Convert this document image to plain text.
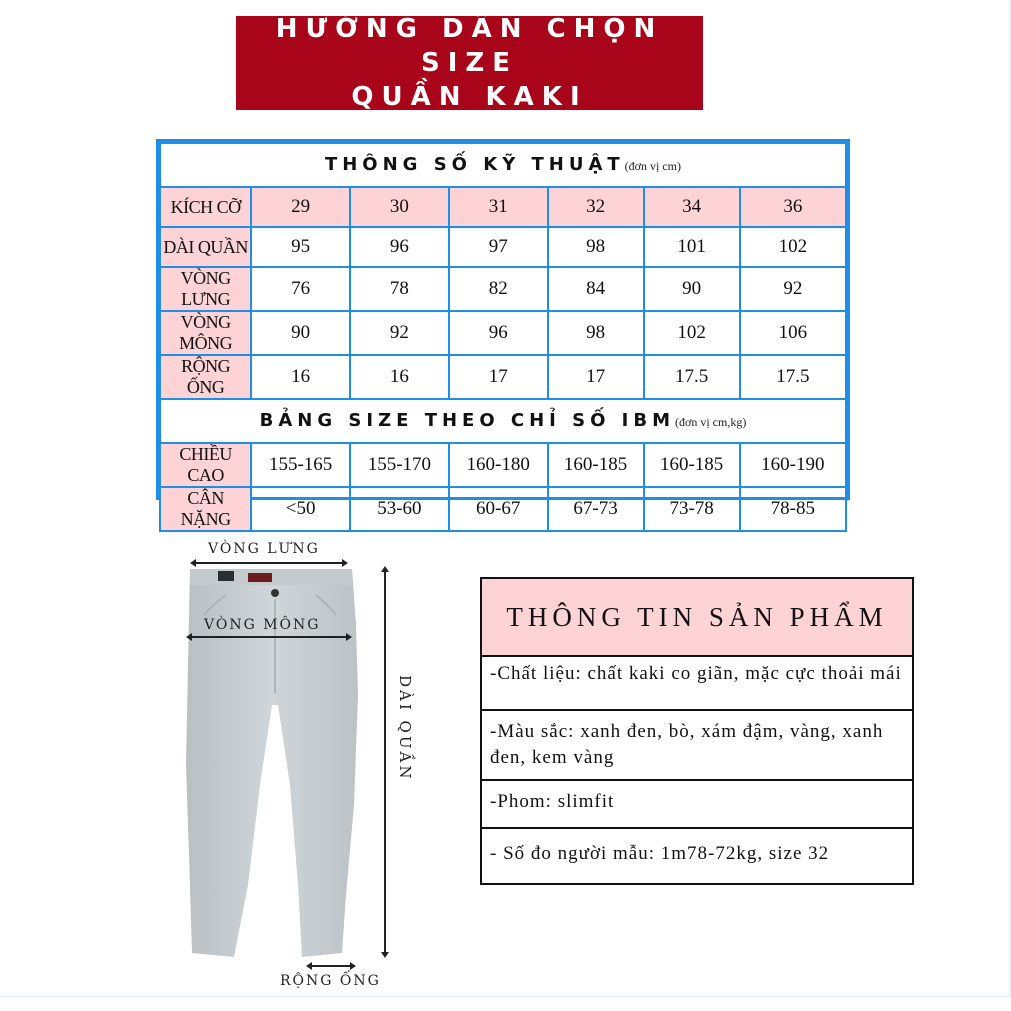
HƯỚNG DẪN CHỌN SIZE
QUẦN KAKI
THÔNG SỐ KỸ THUẬT(đơn vị cm)						
KÍCH CỠ	29	30	31	32	34	36
DÀI QUẦN	95	96	97	98	101	102
VÒNG LƯNG	76	78	82	84	90	92
VÒNG MÔNG	90	92	96	98	102	106
RỘNG ỐNG	16	16	17	17	17.5	17.5
BẢNG SIZE THEO CHỈ SỐ IBM(đơn vị cm,kg)						
CHIỀU CAO	155-165	155-170	160-180	160-185	160-185	160-190
CÂN NẶNG	<50	53-60	60-67	67-73	73-78	78-85
VÒNG LƯNG
VÒNG MÔNG
DÀI QUẦN
RỘNG ỐNG
THÔNG TIN SẢN PHẨM
-Chất liệu: chất kaki co giãn, mặc cực thoải mái
-Màu sắc: xanh đen, bò, xám đậm, vàng, xanh đen, kem vàng
-Phom: slimfit
- Số đo người mẫu: 1m78-72kg, size 32
